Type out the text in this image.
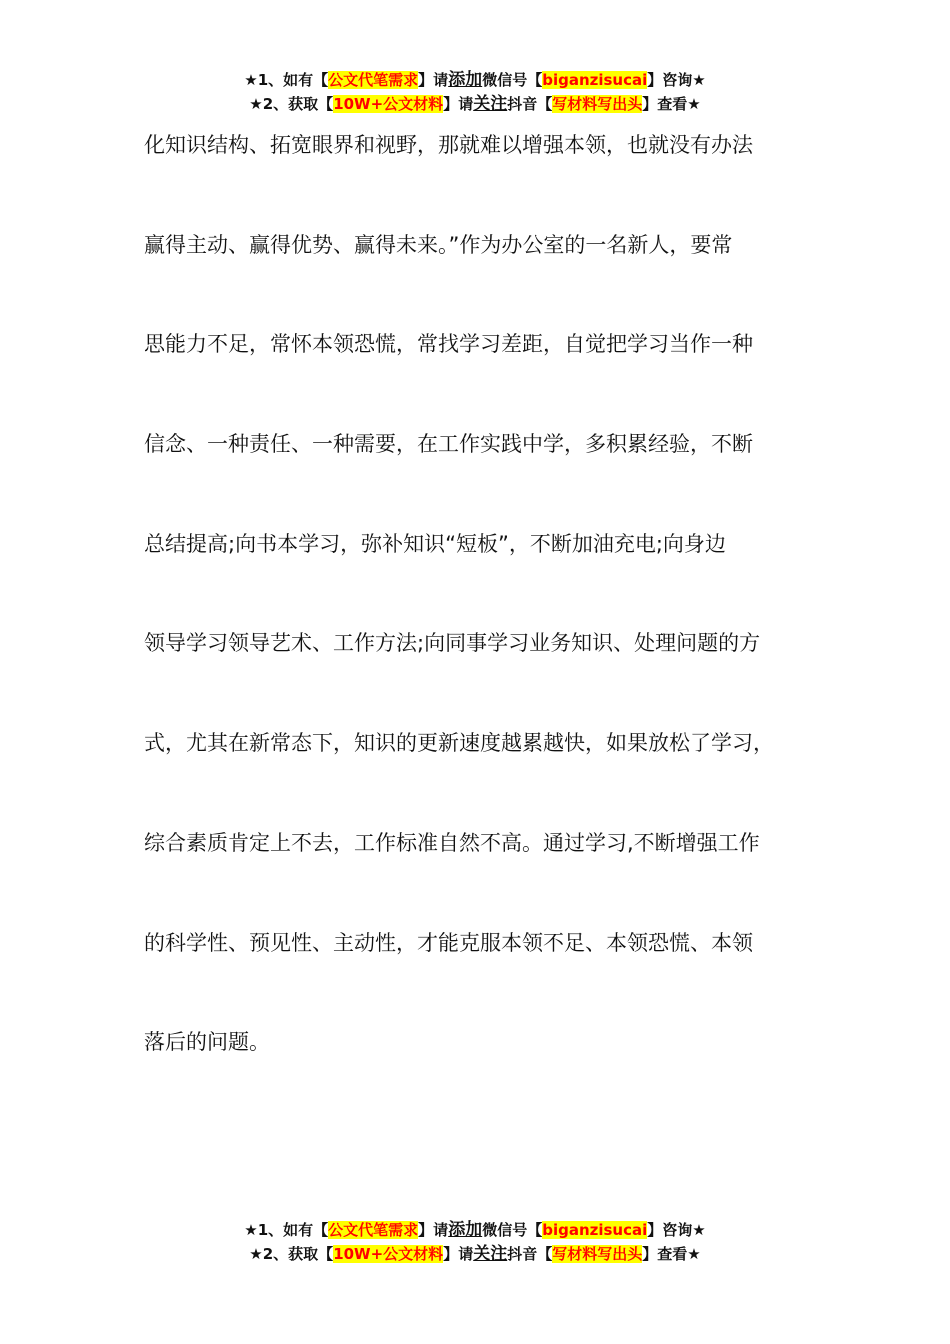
★1、如有【公文代笔需求】请添加微信号【biganzisucai】咨询★
★2、获取【10W+公文材料】请关注抖音【写材料写出头】查看★
化知识结构、拓宽眼界和视野，那就难以增强本领，也就没有办法
赢得主动、赢得优势、赢得未来。”作为办公室的一名新人，要常
思能力不足，常怀本领恐慌，常找学习差距，自觉把学习当作一种
信念、一种责任、一种需要，在工作实践中学，多积累经验，不断
总结提高;向书本学习，弥补知识“短板”，不断加油充电;向身边
领导学习领导艺术、工作方法;向同事学习业务知识、处理问题的方
式，尤其在新常态下，知识的更新速度越累越快，如果放松了学习，
综合素质肯定上不去，工作标准自然不高。通过学习,不断增强工作
的科学性、预见性、主动性，才能克服本领不足、本领恐慌、本领
落后的问题。
★1、如有【公文代笔需求】请添加微信号【biganzisucai】咨询★
★2、获取【10W+公文材料】请关注抖音【写材料写出头】查看★
